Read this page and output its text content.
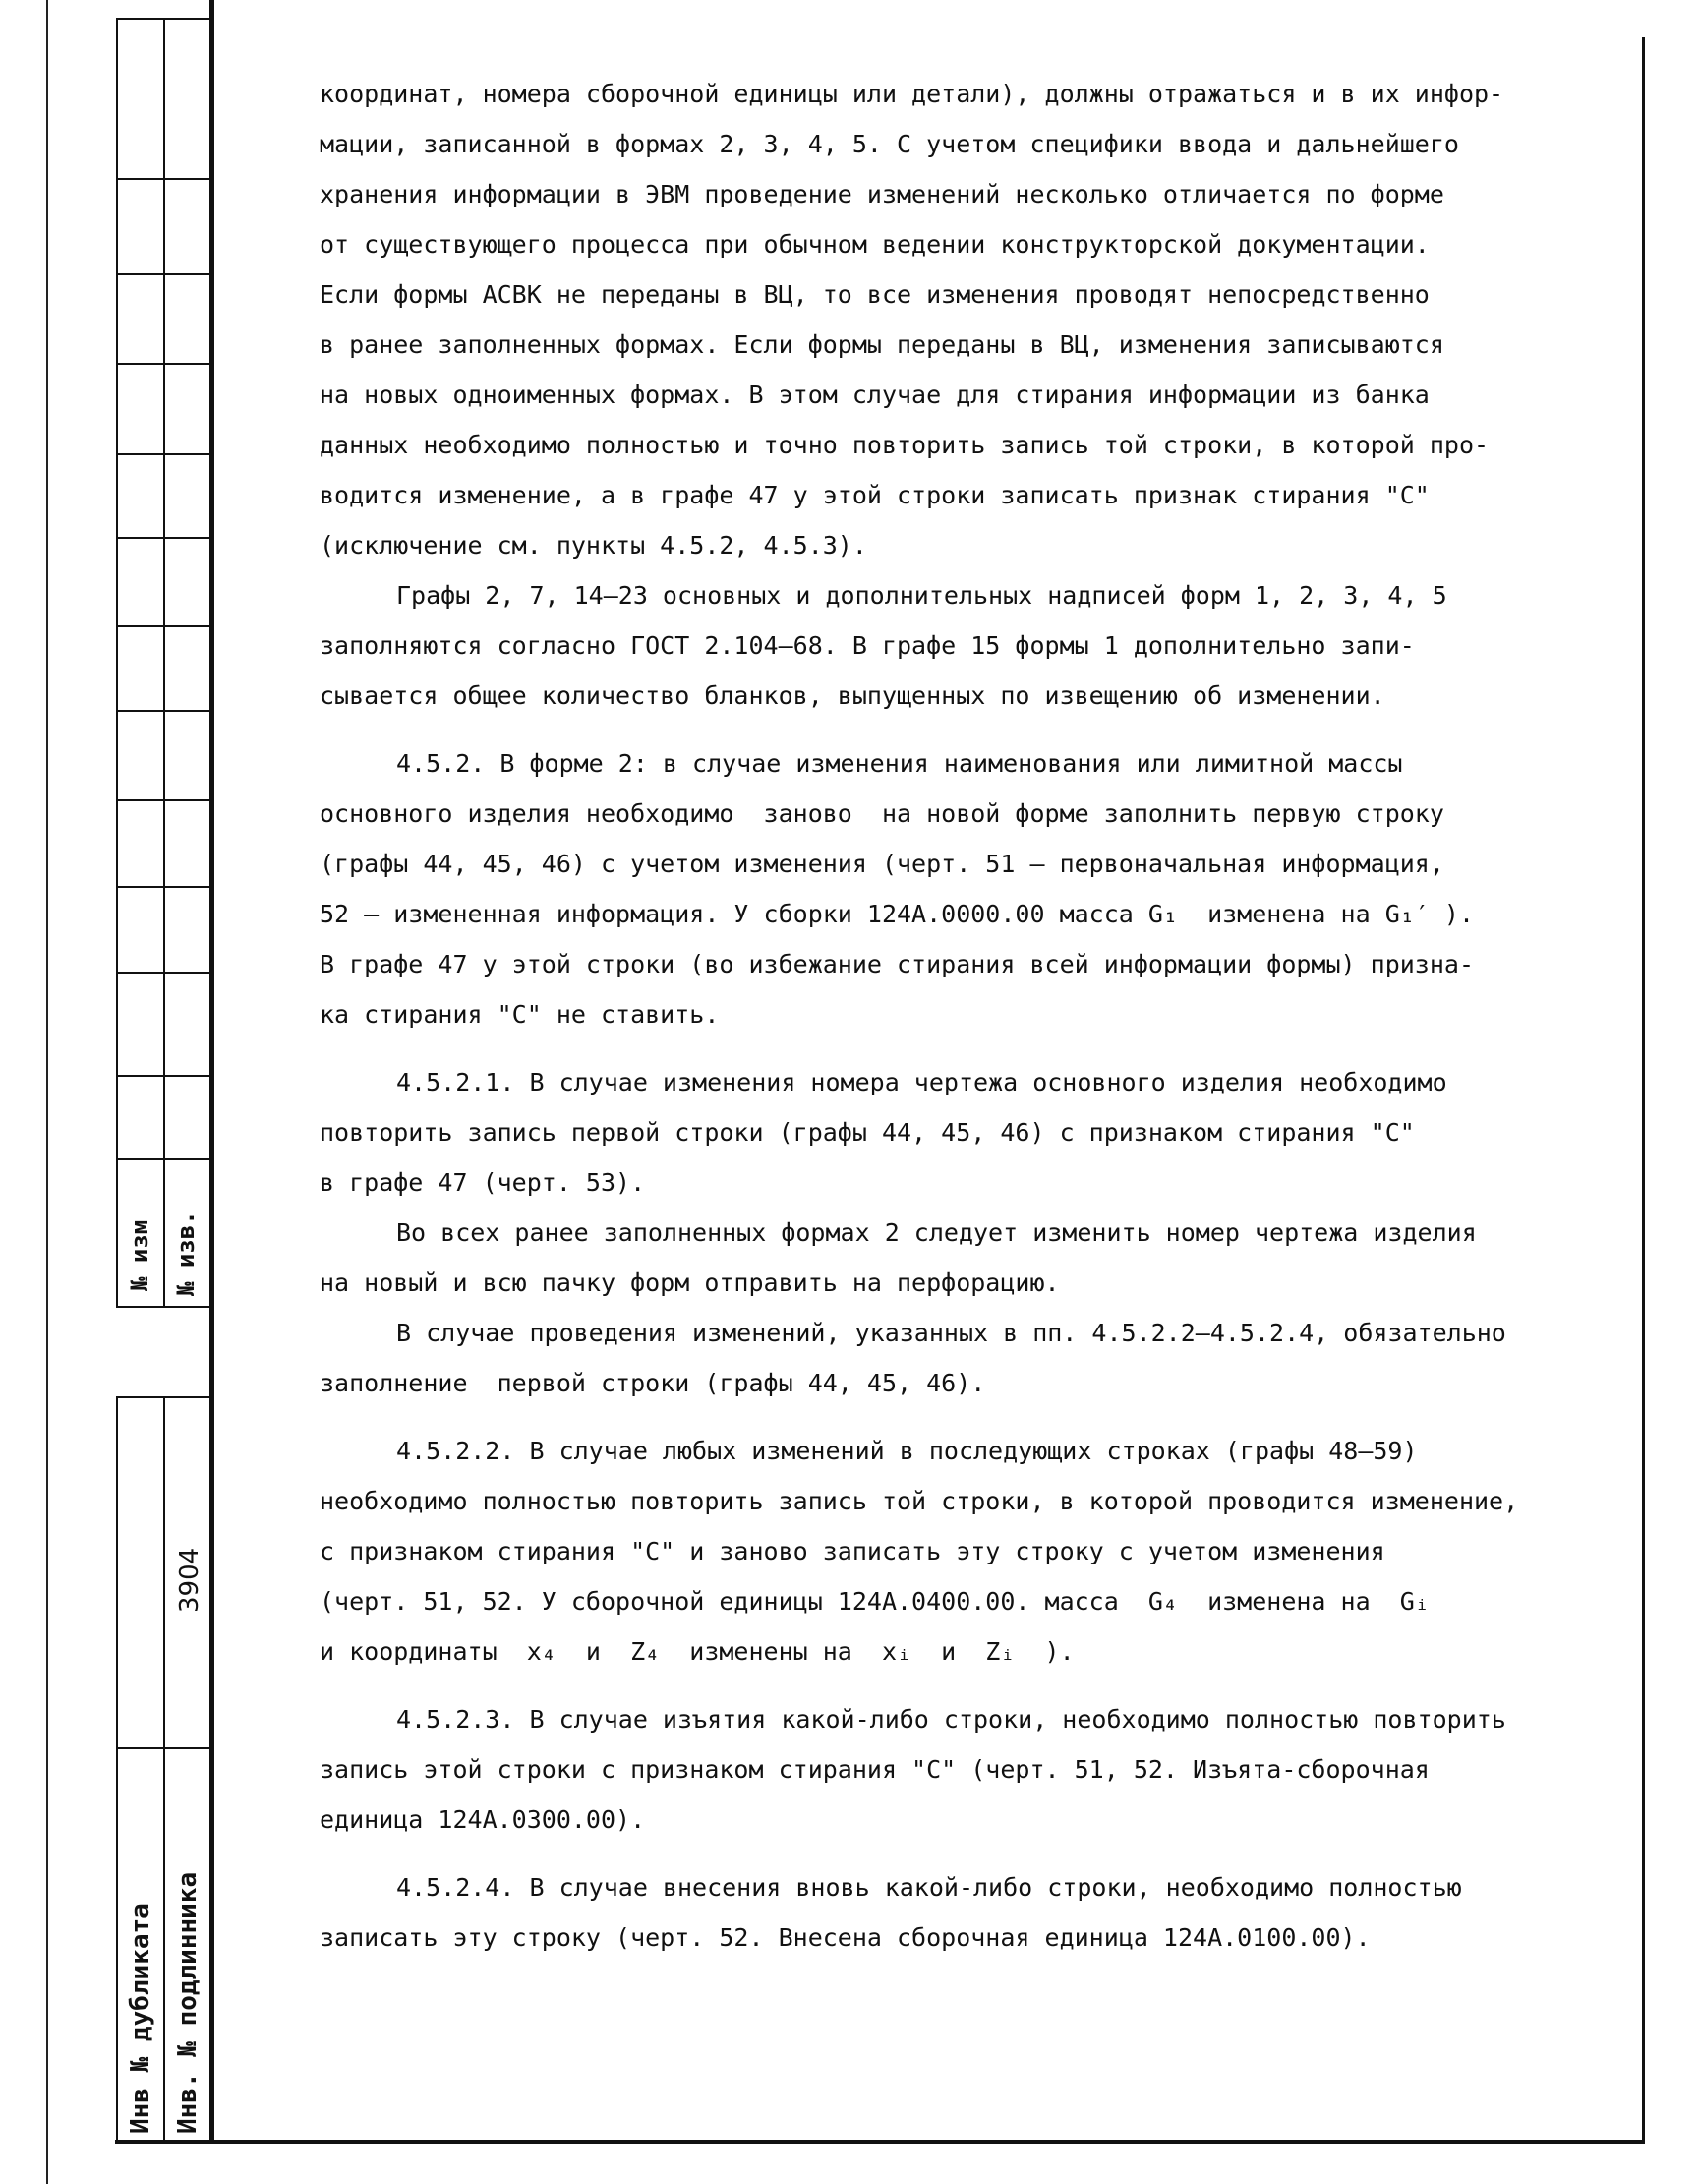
№ изм № изв.
3904
Инв № дубликата Инв. № подлинника

координат, номера сборочной единицы или детали), должны отражаться и в их инфор-

мации, записанной в формах 2, 3, 4, 5. С учетом специфики ввода и дальнейшего

хранения информации в ЭВМ проведение изменений несколько отличается по форме

от существующего процесса при обычном ведении конструкторской документации.

Если формы АСВК не переданы в ВЦ, то все изменения проводят непосредственно

в ранее заполненных формах. Если формы переданы в ВЦ, изменения записываются

на новых одноименных формах. В этом случае для стирания информации из банка

данных необходимо полностью и точно повторить запись той строки, в которой про-

водится изменение, а в графе 47 у этой строки записать признак стирания "С"

(исключение см. пункты 4.5.2, 4.5.3).

Графы 2, 7, 14–23 основных и дополнительных надписей форм 1, 2, 3, 4, 5

заполняются согласно ГОСТ 2.104–68. В графе 15 формы 1 дополнительно запи-

сывается общее количество бланков, выпущенных по извещению об изменении.

4.5.2. В форме 2: в случае изменения наименования или лимитной массы

основного изделия необходимо  заново  на новой форме заполнить первую строку

(графы 44, 45, 46) с учетом изменения (черт. 51 – первоначальная информация,

52 – измененная информация. У сборки 124А.0000.00 масса G₁  изменена на G₁′ ).

В графе 47 у этой строки (во избежание стирания всей информации формы) призна-

ка стирания "С" не ставить.

4.5.2.1. В случае изменения номера чертежа основного изделия необходимо

повторить запись первой строки (графы 44, 45, 46) с признаком стирания "С"

в графе 47 (черт. 53).

Во всех ранее заполненных формах 2 следует изменить номер чертежа изделия

на новый и всю пачку форм отправить на перфорацию.

В случае проведения изменений, указанных в пп. 4.5.2.2–4.5.2.4, обязательно

заполнение  первой строки (графы 44, 45, 46).

4.5.2.2. В случае любых изменений в последующих строках (графы 48–59)

необходимо полностью повторить запись той строки, в которой проводится изменение,

с признаком стирания "С" и заново записать эту строку с учетом изменения

(черт. 51, 52. У сборочной единицы 124А.0400.00. масса  G₄  изменена на  Gᵢ

и координаты  x₄  и  Z₄  изменены на  xᵢ  и  Zᵢ  ).

4.5.2.3. В случае изъятия какой-либо строки, необходимо полностью повторить

запись этой строки с признаком стирания "С" (черт. 51, 52. Изъята-сборочная

единица 124А.0300.00).

4.5.2.4. В случае внесения вновь какой-либо строки, необходимо полностью

записать эту строку (черт. 52. Внесена сборочная единица 124А.0100.00).
